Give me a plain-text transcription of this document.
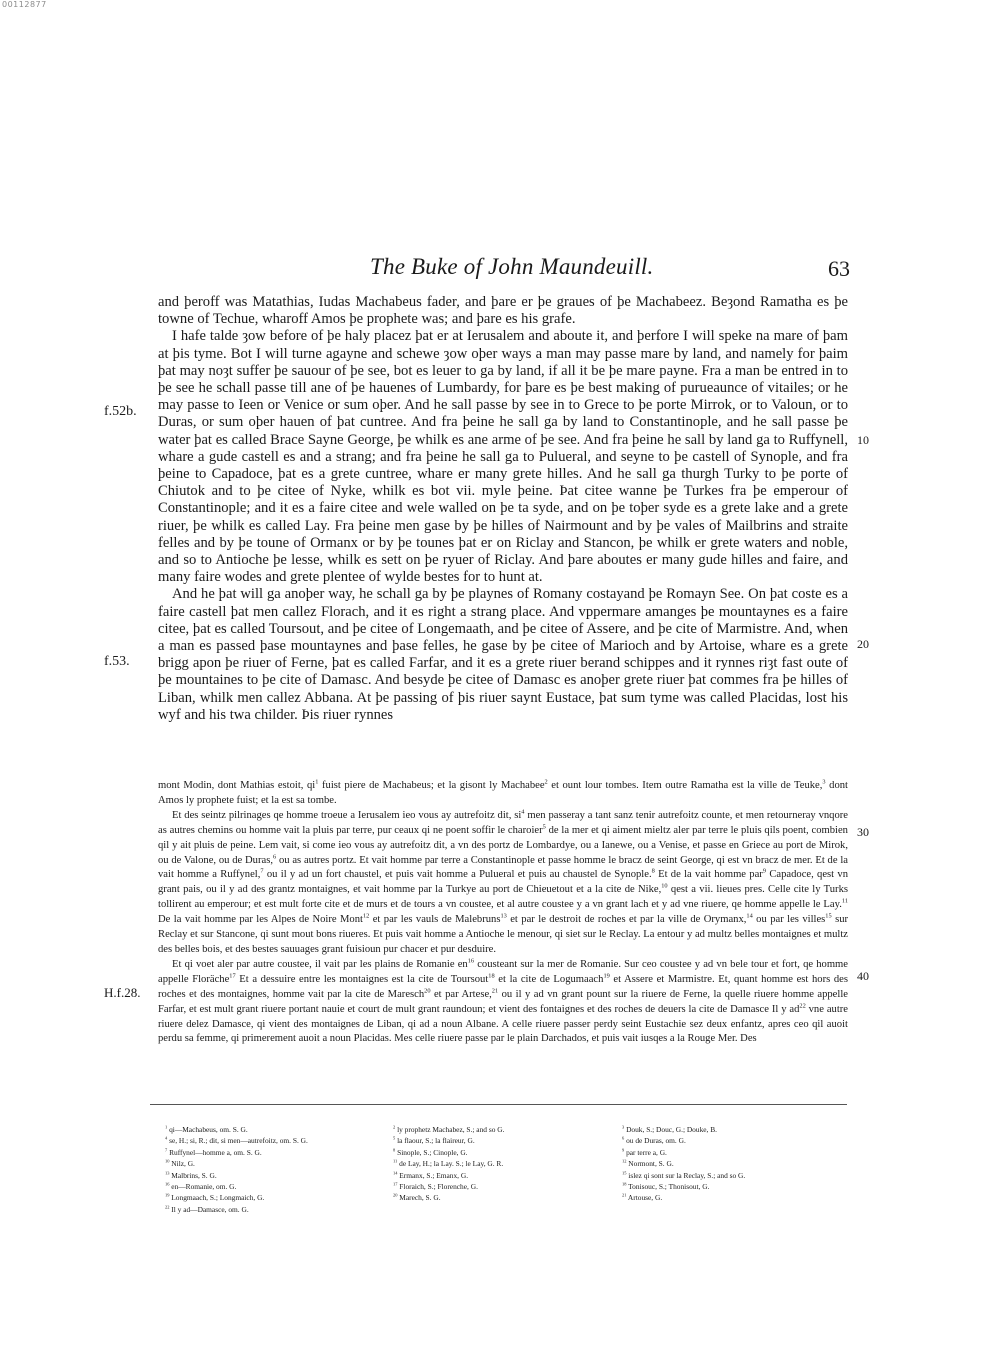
00112877
The Buke of John Maundeuill.	63
f.52b.
10
20
f.53.
30
40
H.f.28.

and þeroff was Matathias, Iudas Machabeus fader, and þare er þe graues of þe Machabeez. Beȝond Ramatha es þe towne of Techue, wharoff Amos þe prophete was; and þare es his grafe.

I hafe talde ȝow before of þe haly placez þat er at Ierusalem and aboute it, and þerfore I will speke na mare of þam at þis tyme. Bot I will turne agayne and schewe ȝow oþer ways a man may passe mare by land, and namely for þaim þat may noȝt suffer þe sauour of þe see, bot es leuer to ga by land, if all it be þe mare payne. Fra a man be entred in to þe see he schall passe till ane of þe hauenes of Lumbardy, for þare es þe best making of purueaunce of vitailes; or he may passe to Ieen or Venice or sum oþer. And he sall passe by see in to Grece to þe porte Mirrok, or to Valoun, or to Duras, or sum oþer hauen of þat cuntree. And fra þeine he sall ga by land to Constantinople, and he sall passe þe water þat es called Brace Sayne George, þe whilk es ane arme of þe see. And fra þeine he sall by land ga to Ruffynell, whare a gude castell es and a strang; and fra þeine he sall ga to Pulueral, and seyne to þe castell of Synople, and fra þeine to Capadoce, þat es a grete cuntree, whare er many grete hilles. And he sall ga thurgh Turky to þe porte of Chiutok and to þe citee of Nyke, whilk es bot vii. myle þeine. Þat citee wanne þe Turkes fra þe emperour of Constantinople; and it es a faire citee and wele walled on þe ta syde, and on þe toþer syde es a grete lake and a grete riuer, þe whilk es called Lay. Fra þeine men gase by þe hilles of Nairmount and by þe vales of Mailbrins and straite felles and by þe toune of Ormanx or by þe tounes þat er on Riclay and Stancon, þe whilk er grete waters and noble, and so to Antioche þe lesse, whilk es sett on þe ryuer of Riclay. And þare aboutes er many gude hilles and faire, and many faire wodes and grete plentee of wylde bestes for to hunt at.

And he þat will ga anoþer way, he schall ga by þe playnes of Romany costayand þe Romayn See. On þat coste es a faire castell þat men callez Florach, and it es right a strang place. And vppermare amanges þe mountaynes es a faire citee, þat es called Toursout, and þe citee of Longemaath, and þe citee of Assere, and þe cite of Marmistre. And, when a man es passed þase mountaynes and þase felles, he gase by þe citee of Marioch and by Artoise, whare es a grete brigg apon þe riuer of Ferne, þat es called Farfar, and it es a grete riuer berand schippes and it rynnes riȝt fast oute of þe mountaines to þe cite of Damasc. And besyde þe citee of Damasc es anoþer grete riuer þat commes fra þe hilles of Liban, whilk men callez Abbana. At þe passing of þis riuer saynt Eustace, þat sum tyme was called Placidas, lost his wyf and his twa childer. Þis riuer rynnes

mont Modin, dont Mathias estoit, $qi^1$ fuist piere de Machabeus; et la gisont ly Machabee$^2$ et ount lour tombes. Item outre Ramatha est la ville de Teuke,$^3$ dont Amos ly prophete fuist; et la est sa tombe.

Et des seintz pilrinages qe homme troeue a Ierusalem ieo vous ay autrefoitz dit, $si^4$ men passeray a tant sanz tenir autrefoitz counte, et men retourneray vnqore as autres chemins ou homme vait la pluis par terre, pur ceaux qi ne poent soffir le charoier$^5$ de la mer et qi aiment mieltz aler par terre le pluis qils poent, combien qil y ait pluis de peine. Lem vait, si come ieo vous ay autrefoitz dit, a vn des portz de Lombardye, ou a Ianewe, ou a Venise, et passe en Griece au port de Mirok, ou de Valone, ou de Duras,$^6$ ou as autres portz. Et vait homme par terre a Constantinople et passe homme le bracz de seint George, qi est vn bracz de mer. Et de la vait homme a Ruffynel,$^7$ ou il y ad un fort chaustel, et puis vait homme a Pulueral et puis au chaustel de Synople.$^8$ Et de la vait homme par$^9$ Capadoce, qest vn grant pais, ou il y ad des grantz montaignes, et vait homme par la Turkye au port de Chieuetout et a la cite de Nike,$^{10}$ qest a vii. lieues pres. Celle cite ly Turks tollirent au emperour; et est mult forte cite et de murs et de tours a vn coustee, et al autre coustee y a vn grant lach et y ad vne riuere, qe homme appelle le Lay.$^{11}$ De la vait homme par les Alpes de Noire Mont$^{12}$ et par les vauls de Malebruns$^{13}$ et par le destroit de roches et par la ville de Orymanx,$^{14}$ ou par les villes$^{15}$ sur Reclay et sur Stancone, qi sunt mout bons riueres. Et puis vait homme a Antioche le menour, qi siet sur le Reclay. La entour y ad multz belles montaignes et multz des belles bois, et des bestes sauuages grant fuisioun pur chacer et pur desduire.

Et qi voet aler par autre coustee, il vait par les plains de Romanie $en^{16}$ cousteant sur la mer de Romanie. Sur ceo coustee y ad vn bele tour et fort, qe homme appelle Floräche$^{17}$ Et a dessuire entre les montaignes est la cite de Toursout$^{18}$ et la cite de Logumaach$^{19}$ et Assere et Marmistre. Et, quant homme est hors des roches et des montaignes, homme vait par la cite de Maresch$^{20}$ et par Artese,$^{21}$ ou il y ad vn grant pount sur la riuere de Ferne, la quelle riuere homme appelle Farfar, et est mult grant riuere portant nauie et court de mult grant raundoun; et vient des fontaignes et des roches de deuers la cite de Damasce Il y $ad^{22}$ vne autre riuere delez Damasce, qi vient des montaignes de Liban, qi ad a noun Albane. A celle riuere passer perdy seint Eustachie sez deux enfantz, apres ceo qil auoit perdu sa femme, qi primerement auoit a noun Placidas. Mes celle riuere passe par le plain Darchados, et puis vait iusqes a la Rouge Mer. Des

$^1$ qi—Machabeus, om. S. G.
$^4$ se, H.; si, R.; dit, si men—autrefoitz, om. S. G.
$^7$ Ruffynel—homme a, om. S. G.
$^{10}$ Nilz, G.
$^{13}$ Malbrins, S. G.
$^{16}$ en—Romanie, om. G.
$^{19}$ Longmaach, S.; Longmaich, G.
$^{22}$ Il y ad—Damasce, om. G.
$^2$ ly prophetz Machabez, S.; and so G.
$^5$ la flaour, S.; la flaireur, G.
$^8$ Sinople, S.; Cinople, G.
$^{11}$ de Lay, H.; la Lay. S.; le Lay, G. R.
$^{14}$ Ermanx, S.; Emanx, G.
$^{17}$ Floraich, S.; Florenche, G.
$^{20}$ Marech, S. G.
$^3$ Douk, S.; Douc, G.; Douke, B.
$^6$ ou de Duras, om. G.
$^9$ par terre a, G.
$^{12}$ Normont, S. G.
$^{15}$ islez qi sont sur la Reclay, S.; and so G.
$^{18}$ Tonisouc, S.; Thonisout, G.
$^{21}$ Artouse, G.
